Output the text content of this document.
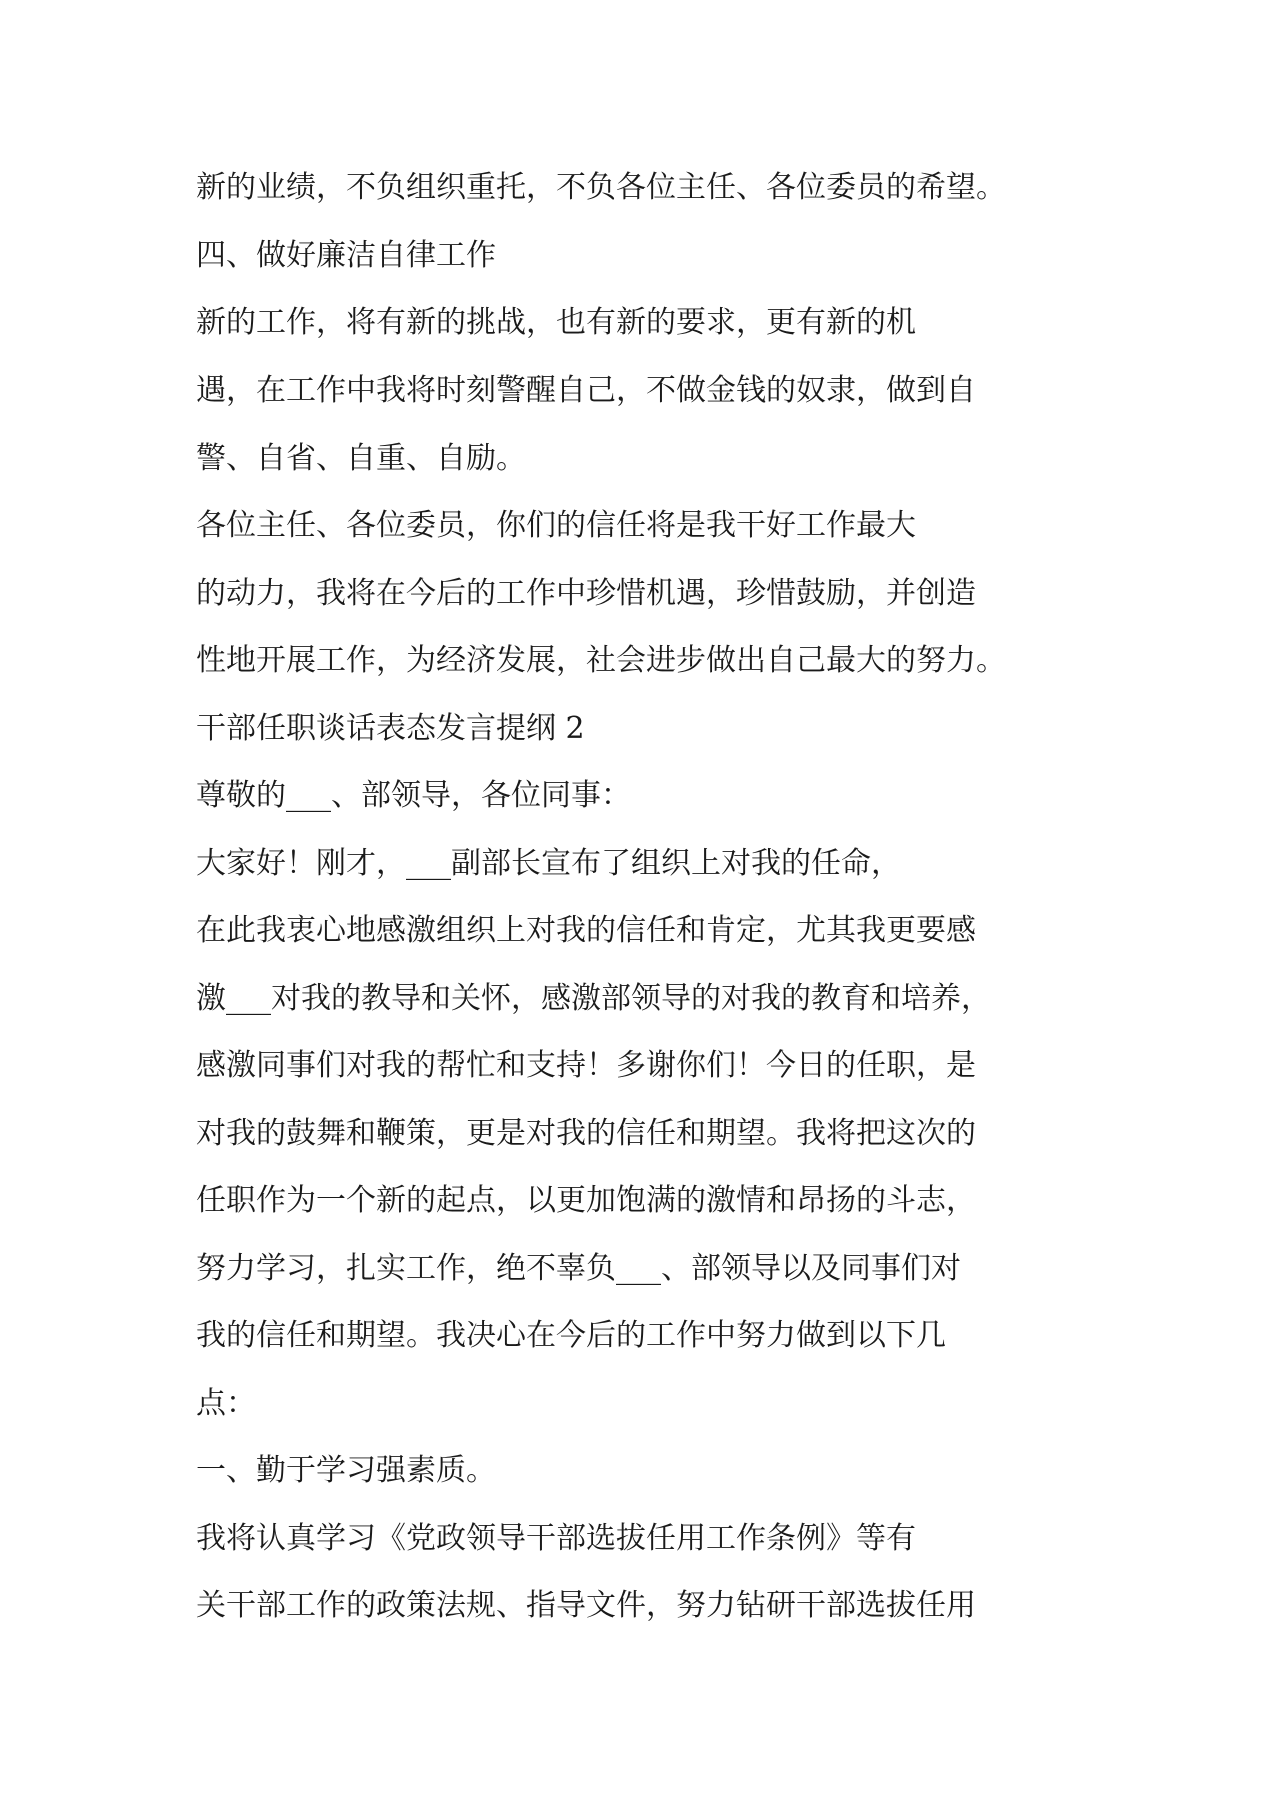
新的业绩，不负组织重托，不负各位主任、各位委员的希望。
四、做好廉洁自律工作
新的工作，将有新的挑战，也有新的要求，更有新的机
遇，在工作中我将时刻警醒自己，不做金钱的奴隶，做到自
警、自省、自重、自励。
各位主任、各位委员，你们的信任将是我干好工作最大
的动力，我将在今后的工作中珍惜机遇，珍惜鼓励，并创造
性地开展工作，为经济发展，社会进步做出自己最大的努力。
干部任职谈话表态发言提纲 2
尊敬的___、部领导，各位同事：
大家好！刚才，___副部长宣布了组织上对我的任命，
在此我衷心地感激组织上对我的信任和肯定，尤其我更要感
激___对我的教导和关怀，感激部领导的对我的教育和培养，
感激同事们对我的帮忙和支持！多谢你们！今日的任职，是
对我的鼓舞和鞭策，更是对我的信任和期望。我将把这次的
任职作为一个新的起点，以更加饱满的激情和昂扬的斗志，
努力学习，扎实工作，绝不辜负___、部领导以及同事们对
我的信任和期望。我决心在今后的工作中努力做到以下几
点：
一、勤于学习强素质。
我将认真学习《党政领导干部选拔任用工作条例》等有
关干部工作的政策法规、指导文件，努力钻研干部选拔任用
